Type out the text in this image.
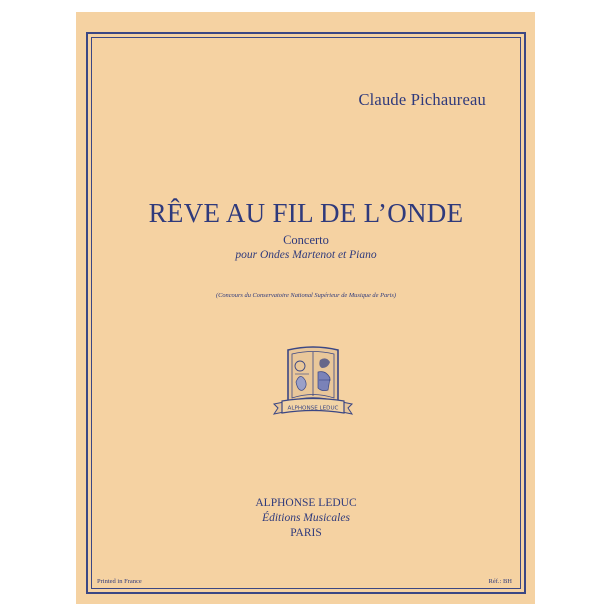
Claude Pichaureau
RÊVE AU FIL DE L’ONDE
Concerto
pour Ondes Martenot et Piano
(Concours du Conservatoire National Supérieur de Musique de Paris)
ALPHONSE LEDUC
ALPHONSE LEDUC
Éditions Musicales
PARIS
Printed in France	Réf.: BH
